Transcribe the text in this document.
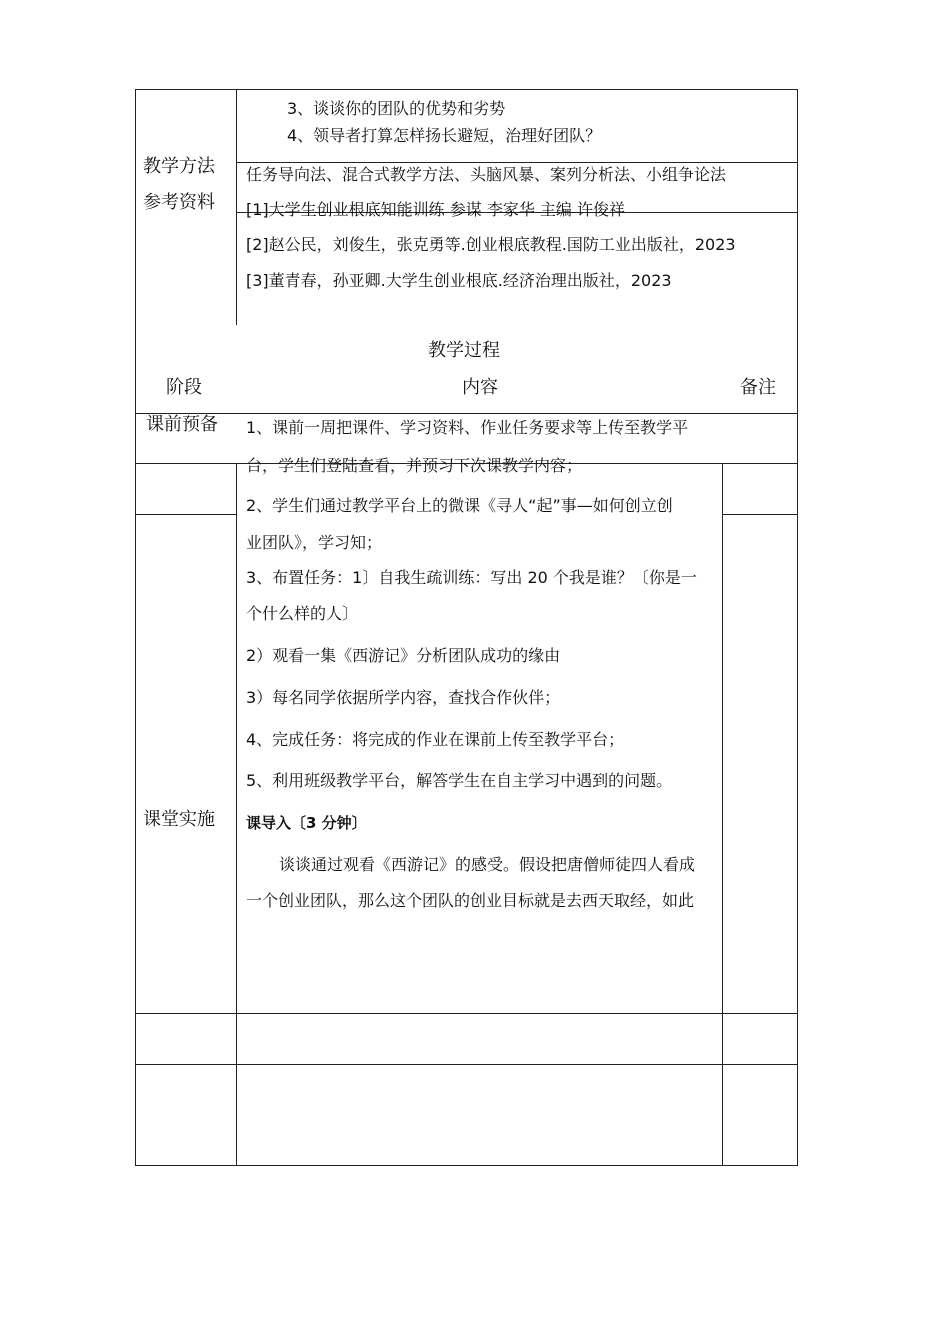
3、谈谈你的团队的优势和劣势
4、领导者打算怎样扬长避短，治理好团队？
教学方法 任务导向法、混合式教学方法、头脑风暴、案列分析法、小组争论法
参考资料 [1]大学生创业根底知能训练 参谋 李家华 主编 许俊祥
[2]赵公民，刘俊生，张克勇等.创业根底教程.国防工业出版社，2023
[3]董青春，孙亚卿.大学生创业根底.经济治理出版社，2023
教学过程
阶段	内容	备注
课前预备 1、课前一周把课件、学习资料、作业任务要求等上传至教学平
台，学生们登陆查看，并预习下次课教学内容；
2、学生们通过教学平台上的微课《寻人“起”事—如何创立创
业团队》，学习知；
3、布置任务：1〕自我生疏训练：写出 20 个我是谁？〔你是一
个什么样的人〕
2）观看一集《西游记》分析团队成功的缘由
3）每名同学依据所学内容，查找合作伙伴；
4、完成任务：将完成的作业在课前上传至教学平台；
5、利用班级教学平台，解答学生在自主学习中遇到的问题。
课堂实施 课导入〔3 分钟〕
谈谈通过观看《西游记》的感受。假设把唐僧师徒四人看成
一个创业团队，那么这个团队的创业目标就是去西天取经，如此
